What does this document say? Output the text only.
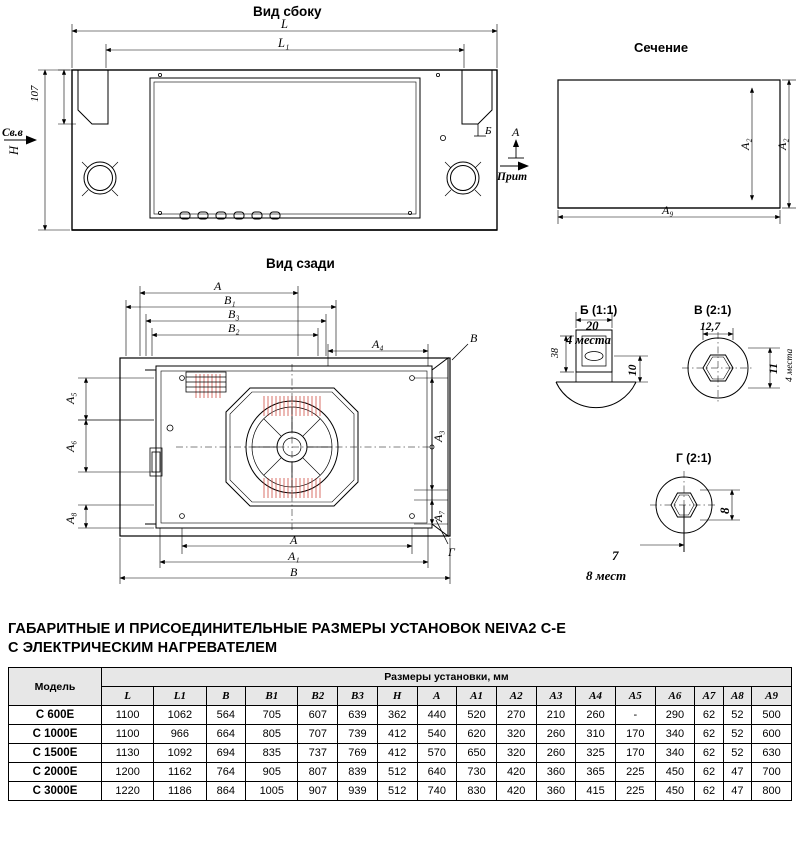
Вид сбоку
Вид сзади
Сечение
Б (1:1)	В (2:1)
Г (2:1)
L
L₁
H
107
Св.в
Прит
Б А
А₉
А₂
А₂
А
В₁
В₃
В₂
А₄
А
А₁
В
А₅
А₆
А₈
А₃
А₇
В
Г
20
4 места
38
10
12,7
11 4 места
8
7
8 мест
ГАБАРИТНЫЕ И ПРИСОЕДИНИТЕЛЬНЫЕ РАЗМЕРЫ УСТАНОВОК NEIVA2 C-E
С ЭЛЕКТРИЧЕСКИМ НАГРЕВАТЕЛЕМ
Модель	Размеры установки, мм																
	L	L1	B	B1	B2	B3	H	A	A1	A2	A3	A4	A5	A6	A7	A8	A9
C 600E	1100	1062	564	705	607	639	362	440	520	270	210	260	-	290	62	52	500
C 1000E	1100	966	664	805	707	739	412	540	620	320	260	310	170	340	62	52	600
C 1500E	1130	1092	694	835	737	769	412	570	650	320	260	325	170	340	62	52	630
C 2000E	1200	1162	764	905	807	839	512	640	730	420	360	365	225	450	62	47	700
C 3000E	1220	1186	864	1005	907	939	512	740	830	420	360	415	225	450	62	47	800
